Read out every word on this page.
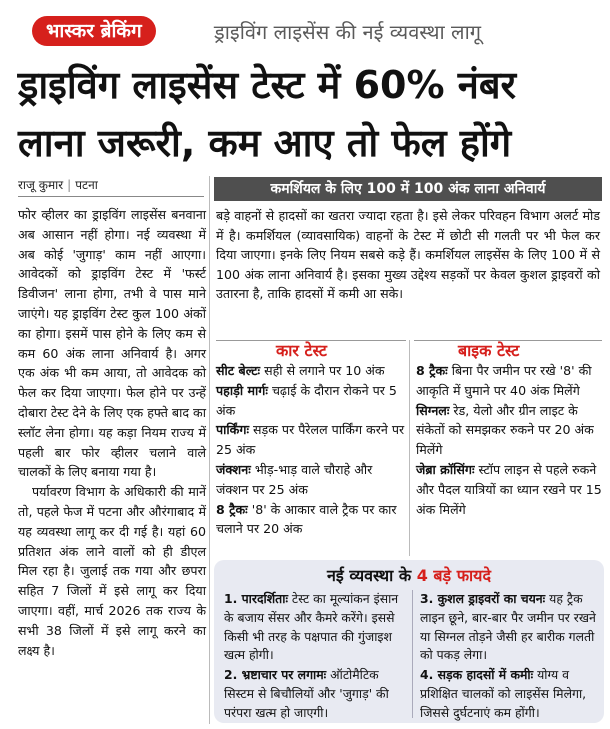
भास्कर ब्रेकिंग	ड्राइविंग लाइसेंस की नई व्यवस्था लागू
ड्राइविंग लाइसेंस टेस्ट में 60% नंबर
लाना जरूरी, कम आए तो फेल होंगे
राजू कुमार | पटना

फोर व्हीलर का ड्राइविंग लाइसेंस बनवाना अब आसान नहीं होगा। नई व्यवस्था में अब कोई 'जुगाड़' काम नहीं आएगा। आवेदकों को ड्राइविंग टेस्ट में 'फर्स्ट डिवीजन' लाना होगा, तभी वे पास माने जाएंगे। यह ड्राइविंग टेस्ट कुल 100 अंकों का होगा। इसमें पास होने के लिए कम से कम 60 अंक लाना अनिवार्य है। अगर एक अंक भी कम आया, तो आवेदक को फेल कर दिया जाएगा। फेल होने पर उन्हें दोबारा टेस्ट देने के लिए एक हफ्ते बाद का स्लॉट लेना होगा। यह कड़ा नियम राज्य में पहली बार फोर व्हीलर चलाने वाले चालकों के लिए बनाया गया है।

पर्यावरण विभाग के अधिकारी की मानें तो, पहले फेज में पटना और औरंगाबाद में यह व्यवस्था लागू कर दी गई है। यहां 60 प्रतिशत अंक लाने वालों को ही डीएल मिल रहा है। जुलाई तक गया और छपरा सहित 7 जिलों में इसे लागू कर दिया जाएगा। वहीं, मार्च 2026 तक राज्य के सभी 38 जिलों में इसे लागू करने का लक्ष्य है।

कमर्शियल के लिए 100 में 100 अंक लाना अनिवार्य
बड़े वाहनों से हादसों का खतरा ज्यादा रहता है। इसे लेकर परिवहन विभाग अलर्ट मोड में है। कमर्शियल (व्यावसायिक) वाहनों के टेस्ट में छोटी सी गलती पर भी फेल कर दिया जाएगा। इनके लिए नियम सबसे कड़े हैं। कमर्शियल लाइसेंस के लिए 100 में से 100 अंक लाना अनिवार्य है। इसका मुख्य उद्देश्य सड़कों पर केवल कुशल ड्राइवरों को उतारना है, ताकि हादसों में कमी आ सके।
कार टेस्ट
सीट बेल्टः सही से लगाने पर 10 अंक
पहाड़ी मार्गः चढ़ाई के दौरान रोकने पर 5 अंक
पार्किंगः सड़क पर पैरेलल पार्किंग करने पर 25 अंक
जंक्शनः भीड़-भाड़ वाले चौराहे और जंक्शन पर 25 अंक
8 ट्रैकः '8' के आकार वाले ट्रैक पर कार चलाने पर 20 अंक
बाइक टेस्ट
8 ट्रैकः बिना पैर जमीन पर रखे '8' की आकृति में घुमाने पर 40 अंक मिलेंगे
सिग्नलः रेड, येलो और ग्रीन लाइट के संकेतों को समझकर रुकने पर 20 अंक मिलेंगे
जेब्रा क्रॉसिंगः स्टॉप लाइन से पहले रुकने और पैदल यात्रियों का ध्यान रखने पर 15 अंक मिलेंगे
नई व्यवस्था के 4 बड़े फायदे
1. पारदर्शिताः टेस्ट का मूल्यांकन इंसान के बजाय सेंसर और कैमरे करेंगे। इससे किसी भी तरह के पक्षपात की गुंजाइश खत्म होगी।
2. भ्रष्टाचार पर लगामः ऑटोमैटिक सिस्टम से बिचौलियों और 'जुगाड़' की परंपरा खत्म हो जाएगी।
3. कुशल ड्राइवरों का चयनः यह ट्रैक लाइन छूने, बार-बार पैर जमीन पर रखने या सिग्नल तोड़ने जैसी हर बारीक गलती को पकड़ लेगा।
4. सड़क हादसों में कमीः योग्य व प्रशिक्षित चालकों को लाइसेंस मिलेगा, जिससे दुर्घटनाएं कम होंगी।
